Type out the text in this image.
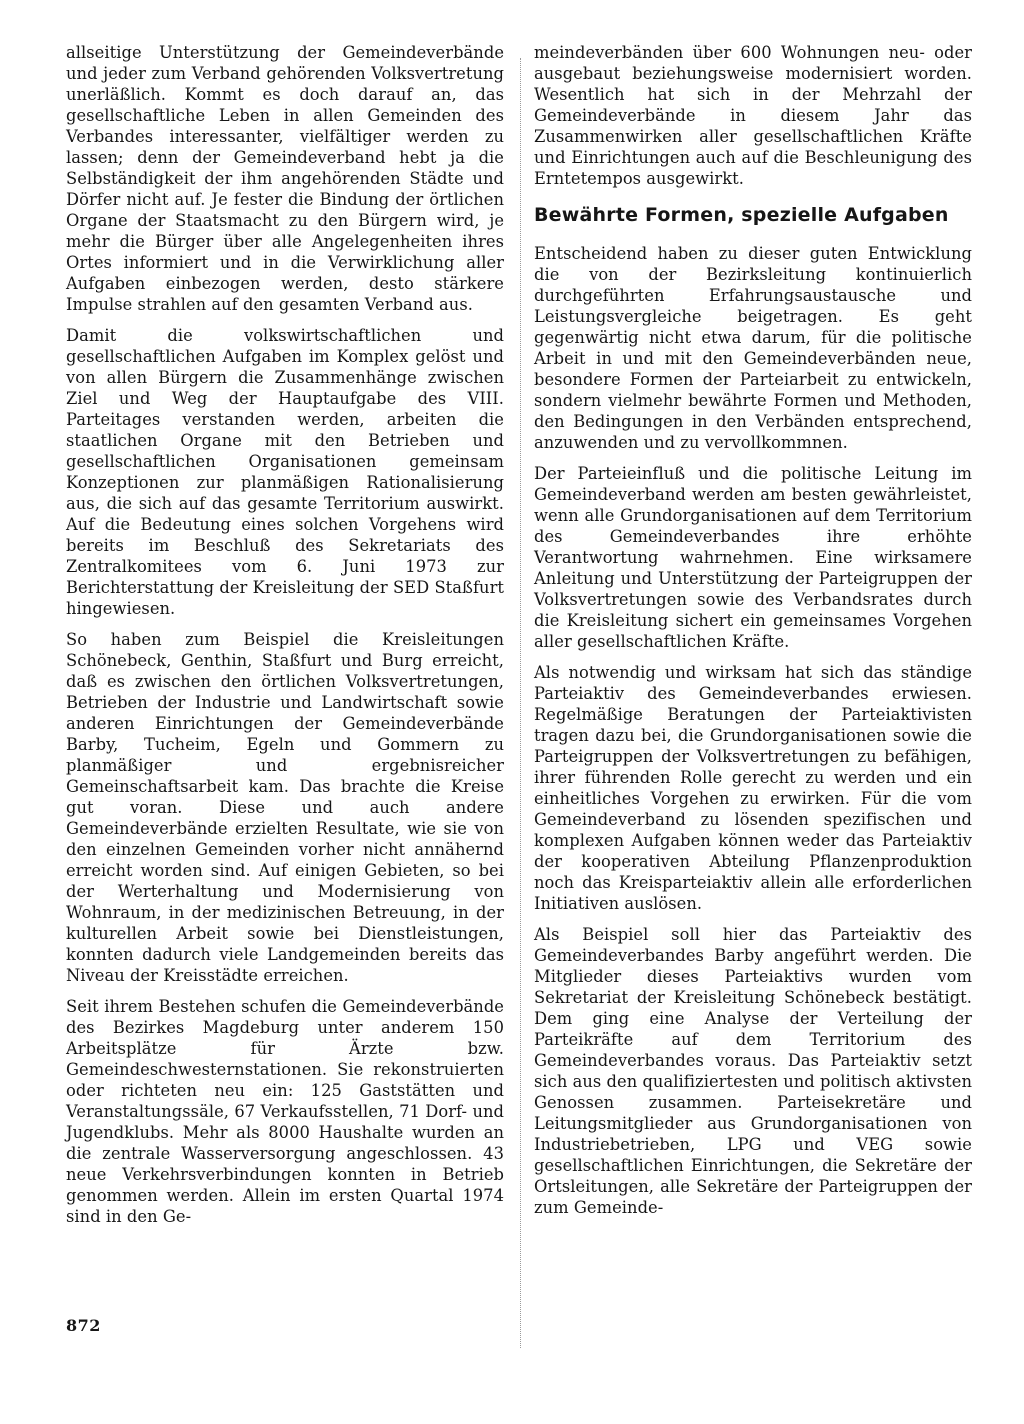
allseitige Unterstützung der Gemeindeverbände und jeder zum Verband gehörenden Volksvertretung unerläßlich. Kommt es doch darauf an, das gesellschaftliche Leben in allen Gemeinden des Verbandes interessanter, vielfältiger werden zu lassen; denn der Gemeindeverband hebt ja die Selbständigkeit der ihm angehörenden Städte und Dörfer nicht auf. Je fester die Bindung der örtlichen Organe der Staatsmacht zu den Bürgern wird, je mehr die Bürger über alle Angelegenheiten ihres Ortes informiert und in die Verwirklichung aller Aufgaben einbezogen werden, desto stärkere Impulse strahlen auf den gesamten Verband aus.

Damit die volkswirtschaftlichen und gesellschaftlichen Aufgaben im Komplex gelöst und von allen Bürgern die Zusammenhänge zwischen Ziel und Weg der Hauptaufgabe des VIII. Parteitages verstanden werden, arbeiten die staatlichen Organe mit den Betrieben und gesellschaftlichen Organisationen gemeinsam Konzeptionen zur planmäßigen Rationalisierung aus, die sich auf das gesamte Territorium auswirkt. Auf die Bedeutung eines solchen Vorgehens wird bereits im Beschluß des Sekretariats des Zentralkomitees vom 6. Juni 1973 zur Berichterstattung der Kreisleitung der SED Staßfurt hingewiesen.

So haben zum Beispiel die Kreisleitungen Schönebeck, Genthin, Staßfurt und Burg erreicht, daß es zwischen den örtlichen Volksvertretungen, Betrieben der Industrie und Landwirtschaft sowie anderen Einrichtungen der Gemeindeverbände Barby, Tucheim, Egeln und Gommern zu planmäßiger und ergebnisreicher Gemeinschaftsarbeit kam. Das brachte die Kreise gut voran. Diese und auch andere Gemeindeverbände erzielten Resultate, wie sie von den einzelnen Gemeinden vorher nicht annähernd erreicht worden sind. Auf einigen Gebieten, so bei der Werterhaltung und Modernisierung von Wohnraum, in der medizinischen Betreuung, in der kulturellen Arbeit sowie bei Dienstleistungen, konnten dadurch viele Landgemeinden bereits das Niveau der Kreisstädte erreichen.

Seit ihrem Bestehen schufen die Gemeindeverbände des Bezirkes Magdeburg unter anderem 150 Arbeitsplätze für Ärzte bzw. Gemeindeschwesternstationen. Sie rekonstruierten oder richteten neu ein: 125 Gaststätten und Veranstaltungssäle, 67 Verkaufsstellen, 71 Dorf- und Jugendklubs. Mehr als 8000 Haushalte wurden an die zentrale Wasserversorgung angeschlossen. 43 neue Verkehrsverbindungen konnten in Betrieb genommen werden. Allein im ersten Quartal 1974 sind in den Ge-

meindeverbänden über 600 Wohnungen neu- oder ausgebaut beziehungsweise modernisiert worden. Wesentlich hat sich in der Mehrzahl der Gemeindeverbände in diesem Jahr das Zusammenwirken aller gesellschaftlichen Kräfte und Einrichtungen auch auf die Beschleunigung des Erntetempos ausgewirkt.

Bewährte Formen, spezielle Aufgaben

Entscheidend haben zu dieser guten Entwicklung die von der Bezirksleitung kontinuierlich durchgeführten Erfahrungsaustausche und Leistungsvergleiche beigetragen. Es geht gegenwärtig nicht etwa darum, für die politische Arbeit in und mit den Gemeindeverbänden neue, besondere Formen der Parteiarbeit zu entwickeln, sondern vielmehr bewährte Formen und Methoden, den Bedingungen in den Verbänden entsprechend, anzuwenden und zu vervollkommnen.

Der Parteieinfluß und die politische Leitung im Gemeindeverband werden am besten gewährleistet, wenn alle Grundorganisationen auf dem Territorium des Gemeindeverbandes ihre erhöhte Verantwortung wahrnehmen. Eine wirksamere Anleitung und Unterstützung der Parteigruppen der Volksvertretungen sowie des Verbandsrates durch die Kreisleitung sichert ein gemeinsames Vorgehen aller gesellschaftlichen Kräfte.

Als notwendig und wirksam hat sich das ständige Parteiaktiv des Gemeindeverbandes erwiesen. Regelmäßige Beratungen der Parteiaktivisten tragen dazu bei, die Grundorganisationen sowie die Parteigruppen der Volksvertretungen zu befähigen, ihrer führenden Rolle gerecht zu werden und ein einheitliches Vorgehen zu erwirken. Für die vom Gemeindeverband zu lösenden spezifischen und komplexen Aufgaben können weder das Parteiaktiv der kooperativen Abteilung Pflanzenproduktion noch das Kreisparteiaktiv allein alle erforderlichen Initiativen auslösen.

Als Beispiel soll hier das Parteiaktiv des Gemeindeverbandes Barby angeführt werden. Die Mitglieder dieses Parteiaktivs wurden vom Sekretariat der Kreisleitung Schönebeck bestätigt. Dem ging eine Analyse der Verteilung der Parteikräfte auf dem Territorium des Gemeindeverbandes voraus. Das Parteiaktiv setzt sich aus den qualifiziertesten und politisch aktivsten Genossen zusammen. Parteisekretäre und Leitungsmitglieder aus Grundorganisationen von Industriebetrieben, LPG und VEG sowie gesellschaftlichen Einrichtungen, die Sekretäre der Ortsleitungen, alle Sekretäre der Parteigruppen der zum Gemeinde-

872
